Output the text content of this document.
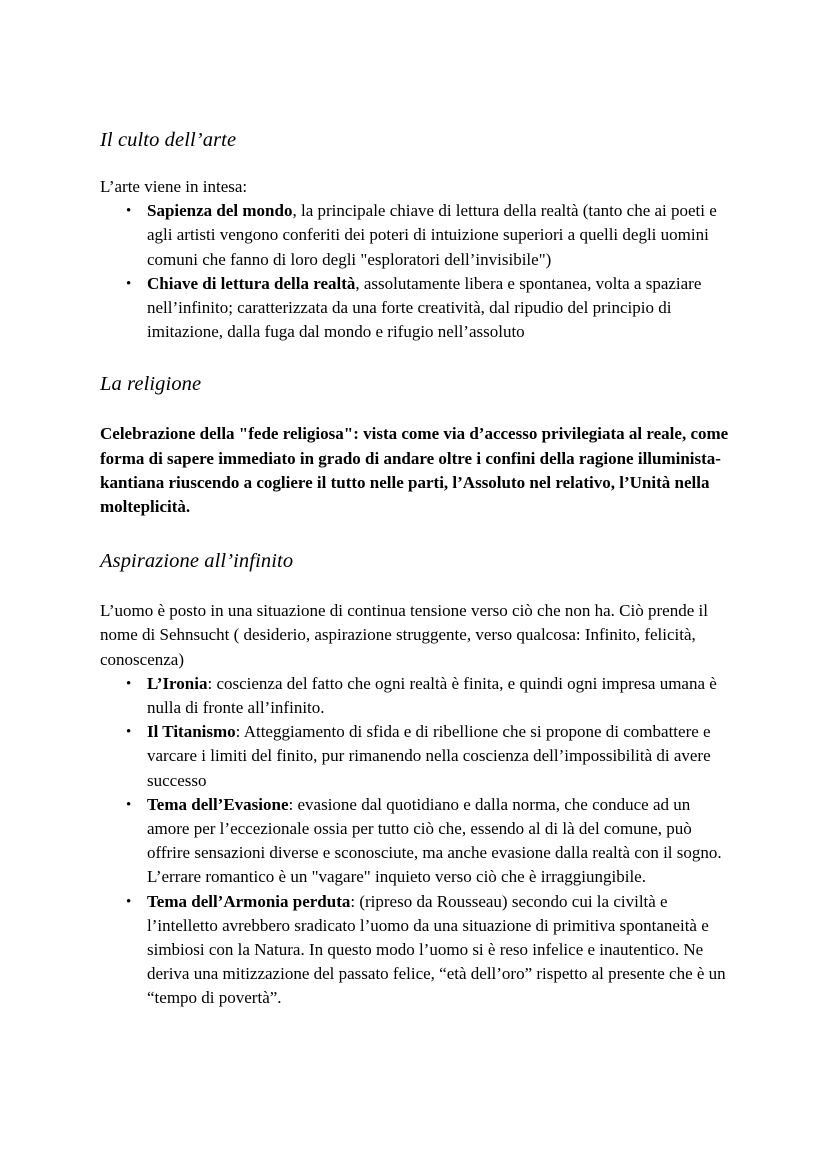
Il culto dell’arte

L’arte viene in intesa:

• Sapienza del mondo, la principale chiave di lettura della realtà (tanto che ai poeti e agli artisti vengono conferiti dei poteri di intuizione superiori a quelli degli uomini comuni che fanno di loro degli "esploratori dell’invisibile")
• Chiave di lettura della realtà, assolutamente libera e spontanea, volta a spaziare nell’infinito; caratterizzata da una forte creatività, dal ripudio del principio di imitazione, dalla fuga dal mondo e rifugio nell’assoluto
La religione

Celebrazione della "fede religiosa": vista come via d’accesso privilegiata al reale, come forma di sapere immediato in grado di andare oltre i confini della ragione illuminista- kantiana riuscendo a cogliere il tutto nelle parti, l’Assoluto nel relativo, l’Unità nella molteplicità.

Aspirazione all’infinito

L’uomo è posto in una situazione di continua tensione verso ciò che non ha. Ciò prende il nome di Sehnsucht ( desiderio, aspirazione struggente, verso qualcosa: Infinito, felicità, conoscenza)

• L’Ironia: coscienza del fatto che ogni realtà è finita, e quindi ogni impresa umana è nulla di fronte all’infinito.
• Il Titanismo: Atteggiamento di sfida e di ribellione che si propone di combattere e varcare i limiti del finito, pur rimanendo nella coscienza dell’impossibilità di avere successo
• Tema dell’Evasione: evasione dal quotidiano e dalla norma, che conduce ad un amore per l’eccezionale ossia per tutto ciò che, essendo al di là del comune, può offrire sensazioni diverse e sconosciute, ma anche evasione dalla realtà con il sogno. L’errare romantico è un "vagare" inquieto verso ciò che è irraggiungibile.
• Tema dell’Armonia perduta: (ripreso da Rousseau) secondo cui la civiltà e l’intelletto avrebbero sradicato l’uomo da una situazione di primitiva spontaneità e simbiosi con la Natura. In questo modo l’uomo si è reso infelice e inautentico. Ne deriva una mitizzazione del passato felice, “età dell’oro” rispetto al presente che è un “tempo di povertà”.
